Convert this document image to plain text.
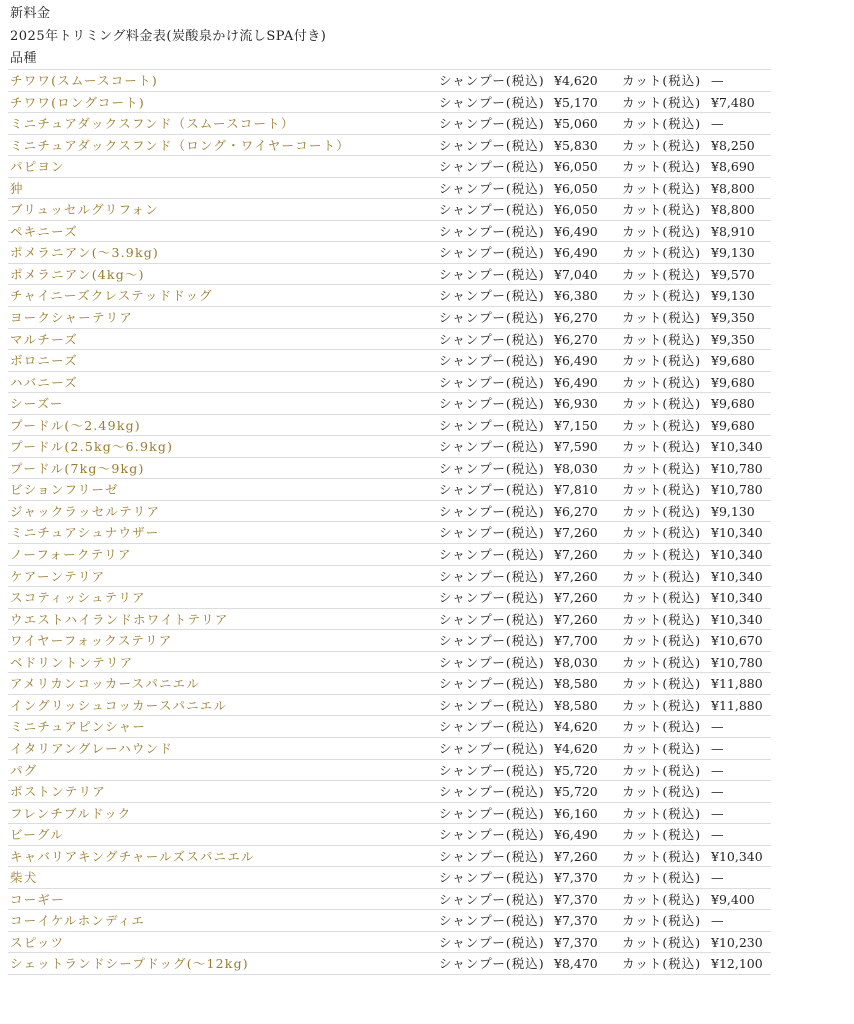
新料金
2025年トリミング料金表(炭酸泉かけ流しSPA付き)
品種
チワワ(スムースコート)	シャンプー(税込) ¥4,620 カット(税込) —
チワワ(ロングコート)	シャンプー(税込) ¥5,170 カット(税込) ¥7,480
ミニチュアダックスフンド（スムースコート）	シャンプー(税込) ¥5,060 カット(税込) —
ミニチュアダックスフンド（ロング・ワイヤーコート）	シャンプー(税込) ¥5,830 カット(税込) ¥8,250
パピヨン	シャンプー(税込) ¥6,050 カット(税込) ¥8,690
狆	シャンプー(税込) ¥6,050 カット(税込) ¥8,800
ブリュッセルグリフォン	シャンプー(税込) ¥6,050 カット(税込) ¥8,800
ペキニーズ	シャンプー(税込) ¥6,490 カット(税込) ¥8,910
ポメラニアン(〜3.9kg)	シャンプー(税込) ¥6,490 カット(税込) ¥9,130
ポメラニアン(4kg〜)	シャンプー(税込) ¥7,040 カット(税込) ¥9,570
チャイニーズクレステッドドッグ	シャンプー(税込) ¥6,380 カット(税込) ¥9,130
ヨークシャーテリア	シャンプー(税込) ¥6,270 カット(税込) ¥9,350
マルチーズ	シャンプー(税込) ¥6,270 カット(税込) ¥9,350
ボロニーズ	シャンプー(税込) ¥6,490 カット(税込) ¥9,680
ハバニーズ	シャンプー(税込) ¥6,490 カット(税込) ¥9,680
シーズー	シャンプー(税込) ¥6,930 カット(税込) ¥9,680
プードル(〜2.49kg)	シャンプー(税込) ¥7,150 カット(税込) ¥9,680
プードル(2.5kg〜6.9kg)	シャンプー(税込) ¥7,590 カット(税込) ¥10,340
プードル(7kg〜9kg)	シャンプー(税込) ¥8,030 カット(税込) ¥10,780
ビションフリーゼ	シャンプー(税込) ¥7,810 カット(税込) ¥10,780
ジャックラッセルテリア	シャンプー(税込) ¥6,270 カット(税込) ¥9,130
ミニチュアシュナウザー	シャンプー(税込) ¥7,260 カット(税込) ¥10,340
ノーフォークテリア	シャンプー(税込) ¥7,260 カット(税込) ¥10,340
ケアーンテリア	シャンプー(税込) ¥7,260 カット(税込) ¥10,340
スコティッシュテリア	シャンプー(税込) ¥7,260 カット(税込) ¥10,340
ウエストハイランドホワイトテリア	シャンプー(税込) ¥7,260 カット(税込) ¥10,340
ワイヤーフォックステリア	シャンプー(税込) ¥7,700 カット(税込) ¥10,670
ベドリントンテリア	シャンプー(税込) ¥8,030 カット(税込) ¥10,780
アメリカンコッカースパニエル	シャンプー(税込) ¥8,580 カット(税込) ¥11,880
イングリッシュコッカースパニエル	シャンプー(税込) ¥8,580 カット(税込) ¥11,880
ミニチュアピンシャー	シャンプー(税込) ¥4,620 カット(税込) —
イタリアングレーハウンド	シャンプー(税込) ¥4,620 カット(税込) —
パグ	シャンプー(税込) ¥5,720 カット(税込) —
ボストンテリア	シャンプー(税込) ¥5,720 カット(税込) —
フレンチブルドック	シャンプー(税込) ¥6,160 カット(税込) —
ビーグル	シャンプー(税込) ¥6,490 カット(税込) —
キャバリアキングチャールズスパニエル	シャンプー(税込) ¥7,260 カット(税込) ¥10,340
柴犬	シャンプー(税込) ¥7,370 カット(税込) —
コーギー	シャンプー(税込) ¥7,370 カット(税込) ¥9,400
コーイケルホンディエ	シャンプー(税込) ¥7,370 カット(税込) —
スピッツ	シャンプー(税込) ¥7,370 カット(税込) ¥10,230
シェットランドシープドッグ(〜12kg)	シャンプー(税込) ¥8,470 カット(税込) ¥12,100
